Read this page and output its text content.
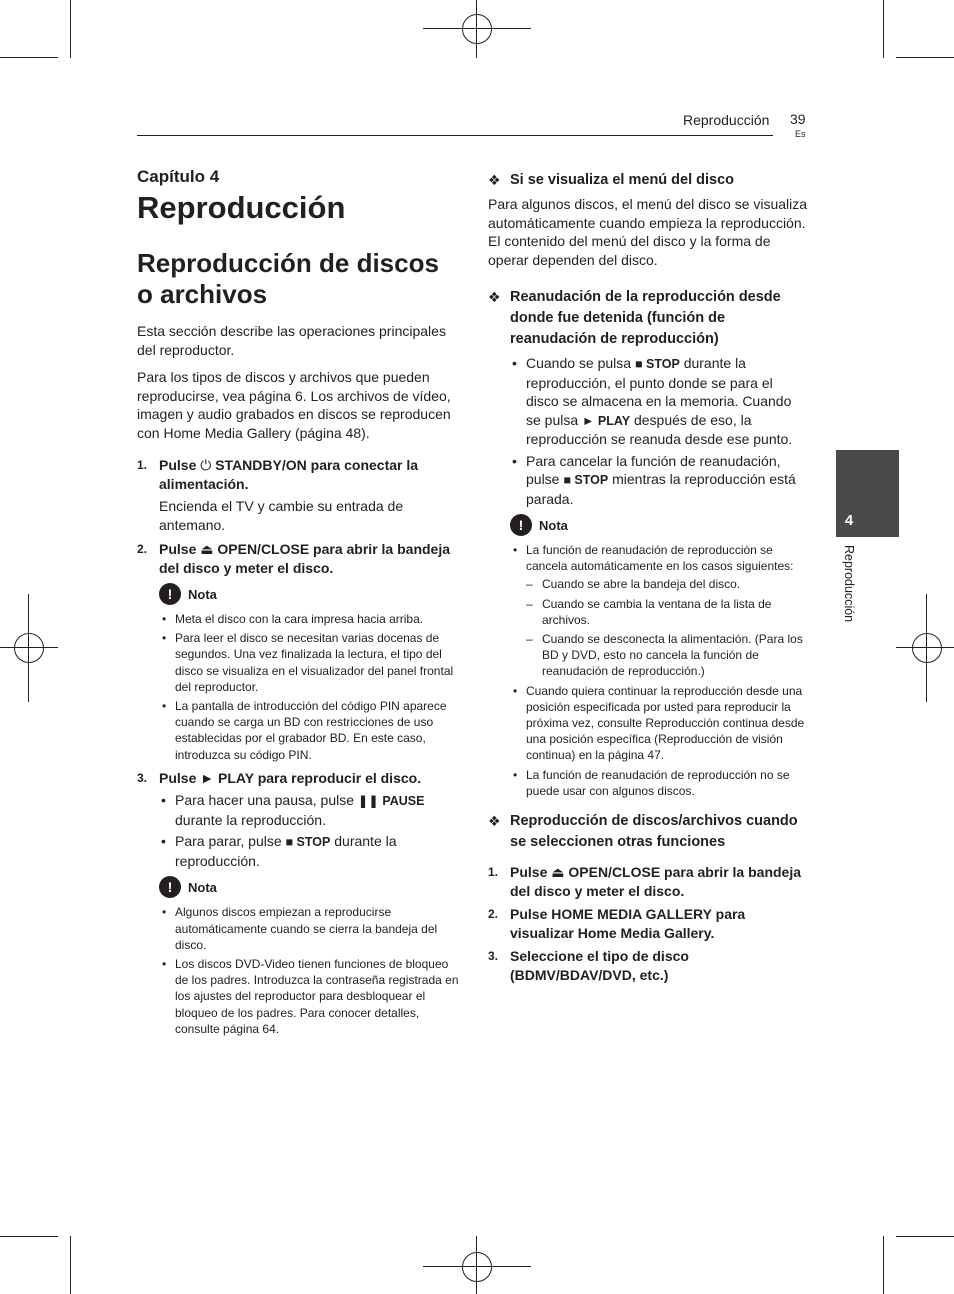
Reproducción 39
Es
4
Reproducción
Capítulo 4
Reproducción
Reproducción de discos o archivos

Esta sección describe las operaciones principales del reproductor.

Para los tipos de discos y archivos que pueden reproducirse, vea página 6. Los archivos de vídeo, imagen y audio grabados en discos se reproducen con Home Media Gallery (página 48).

1. Pulse ⏻ STANDBY/ON para conectar la alimentación.
Encienda el TV y cambie su entrada de antemano.
2. Pulse ⏏ OPEN/CLOSE para abrir la bandeja del disco y meter el disco.
!	Nota
• Meta el disco con la cara impresa hacia arriba.
• Para leer el disco se necesitan varias docenas de segundos. Una vez finalizada la lectura, el tipo del disco se visualiza en el visualizador del panel frontal del reproductor.
• La pantalla de introducción del código PIN aparece cuando se carga un BD con restricciones de uso establecidas por el grabador BD. En este caso, introduzca su código PIN.
3. Pulse ► PLAY para reproducir el disco.
• Para hacer una pausa, pulse ❚❚ PAUSE durante la reproducción.
• Para parar, pulse ■ STOP durante la reproducción.
!	Nota
• Algunos discos empiezan a reproducirse automáticamente cuando se cierra la bandeja del disco.
• Los discos DVD-Video tienen funciones de bloqueo de los padres. Introduzca la contraseña registrada en los ajustes del reproductor para desbloquear el bloqueo de los padres. Para conocer detalles, consulte página 64.
❖ Si se visualiza el menú del disco

Para algunos discos, el menú del disco se visualiza automáticamente cuando empieza la reproducción. El contenido del menú del disco y la forma de operar dependen del disco.

❖ Reanudación de la reproducción desde donde fue detenida (función de reanudación de reproducción)
• Cuando se pulsa ■ STOP durante la reproducción, el punto donde se para el disco se almacena en la memoria. Cuando se pulsa ► PLAY después de eso, la reproducción se reanuda desde ese punto.
• Para cancelar la función de reanudación, pulse ■ STOP mientras la reproducción está parada.
!	Nota
• La función de reanudación de reproducción se cancela automáticamente en los casos siguientes:
– Cuando se abre la bandeja del disco.
– Cuando se cambia la ventana de la lista de archivos.
– Cuando se desconecta la alimentación. (Para los BD y DVD, esto no cancela la función de reanudación de reproducción.)
• Cuando quiera continuar la reproducción desde una posición especificada por usted para reproducir la próxima vez, consulte Reproducción continua desde una posición específica (Reproducción de visión continua) en la página 47.
• La función de reanudación de reproducción no se puede usar con algunos discos.
❖ Reproducción de discos/archivos cuando se seleccionen otras funciones
1. Pulse ⏏ OPEN/CLOSE para abrir la bandeja del disco y meter el disco.
2. Pulse HOME MEDIA GALLERY para visualizar Home Media Gallery.
3. Seleccione el tipo de disco (BDMV/BDAV/DVD, etc.)
